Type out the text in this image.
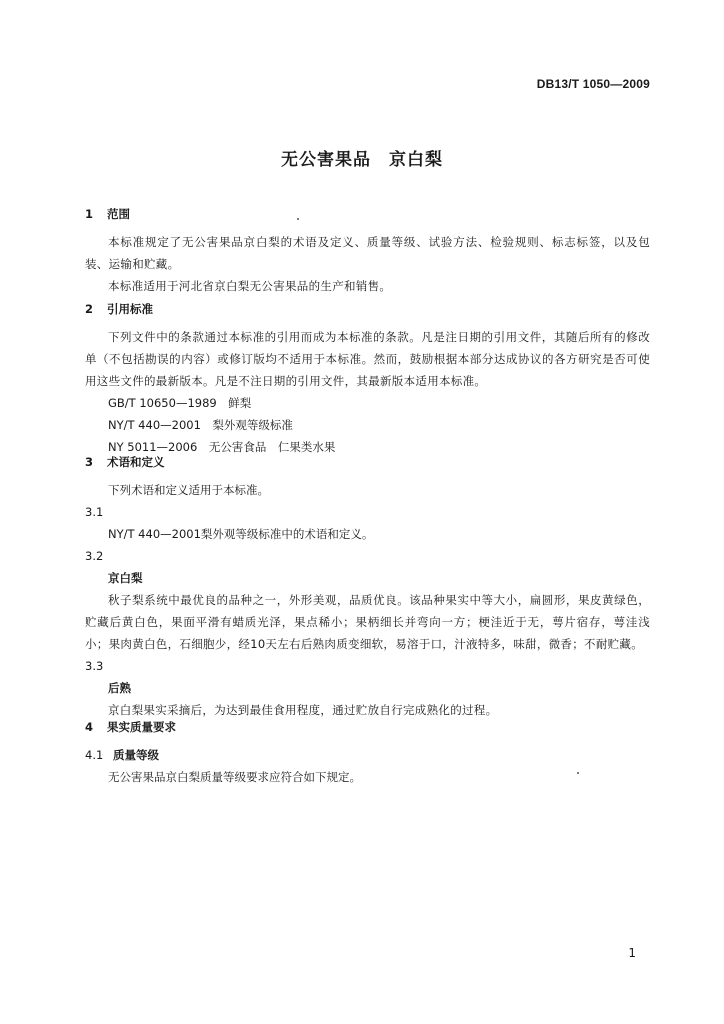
DB13/T 1050—2009
无公害果品　京白梨
1 范围
本标准规定了无公害果品京白梨的术语及定义、质量等级、试验方法、检验规则、标志标签，以及包装、运输和贮藏。
本标准适用于河北省京白梨无公害果品的生产和销售。
2 引用标准
下列文件中的条款通过本标准的引用而成为本标准的条款。凡是注日期的引用文件，其随后所有的修改单（不包括勘误的内容）或修订版均不适用于本标准。然而，鼓励根据本部分达成协议的各方研究是否可使用这些文件的最新版本。凡是不注日期的引用文件，其最新版本适用本标准。
GB/T 10650—1989　鲜梨
NY/T 440—2001　梨外观等级标准
NY 5011—2006　无公害食品　仁果类水果
3 术语和定义
下列术语和定义适用于本标准。
3.1
NY/T 440—2001梨外观等级标准中的术语和定义。
3.2
京白梨
秋子梨系统中最优良的品种之一，外形美观，品质优良。该品种果实中等大小，扁圆形，果皮黄绿色，贮藏后黄白色，果面平滑有蜡质光泽，果点稀小；果柄细长并弯向一方；梗洼近于无，萼片宿存，萼洼浅小；果肉黄白色，石细胞少，经10天左右后熟肉质变细软，易溶于口，汁液特多，味甜，微香；不耐贮藏。
3.3
后熟
京白梨果实采摘后，为达到最佳食用程度，通过贮放自行完成熟化的过程。
4 果实质量要求
4.1 质量等级
无公害果品京白梨质量等级要求应符合如下规定。
1
